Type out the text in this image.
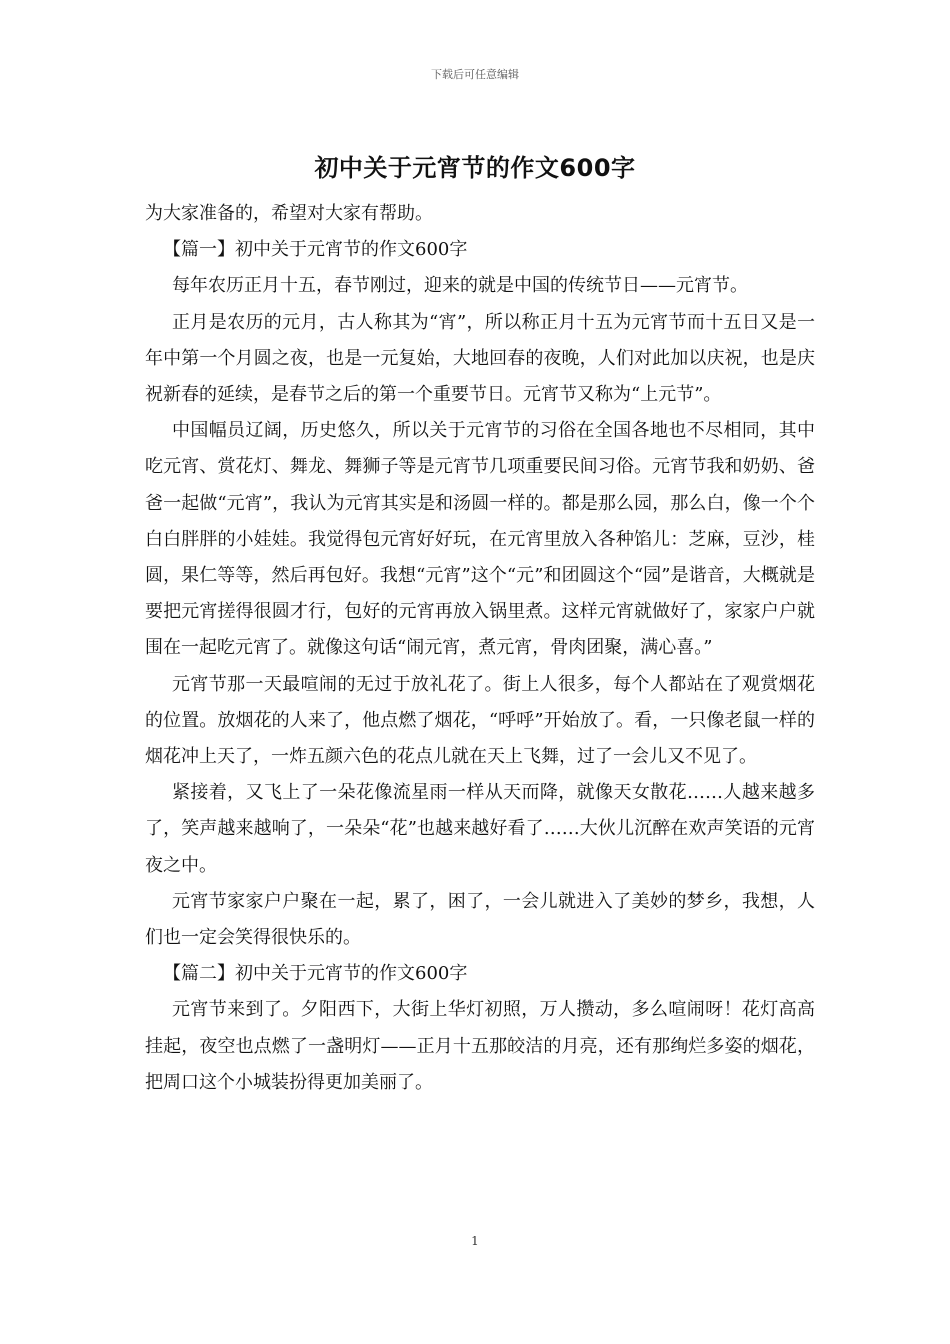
下载后可任意编辑
初中关于元宵节的作文600字

为大家准备的，希望对大家有帮助。

【篇一】初中关于元宵节的作文600字

每年农历正月十五，春节刚过，迎来的就是中国的传统节日——元宵节。

正月是农历的元月，古人称其为“宵”，所以称正月十五为元宵节而十五日又是一年中第一个月圆之夜，也是一元复始，大地回春的夜晚，人们对此加以庆祝，也是庆祝新春的延续，是春节之后的第一个重要节日。元宵节又称为“上元节”。

中国幅员辽阔，历史悠久，所以关于元宵节的习俗在全国各地也不尽相同，其中吃元宵、赏花灯、舞龙、舞狮子等是元宵节几项重要民间习俗。元宵节我和奶奶、爸爸一起做“元宵”，我认为元宵其实是和汤圆一样的。都是那么园，那么白，像一个个白白胖胖的小娃娃。我觉得包元宵好好玩，在元宵里放入各种馅儿：芝麻，豆沙，桂圆，果仁等等，然后再包好。我想“元宵”这个“元”和团圆这个“园”是谐音，大概就是要把元宵搓得很圆才行，包好的元宵再放入锅里煮。这样元宵就做好了，家家户户就围在一起吃元宵了。就像这句话“闹元宵，煮元宵，骨肉团聚，满心喜。”

元宵节那一天最喧闹的无过于放礼花了。街上人很多，每个人都站在了观赏烟花的位置。放烟花的人来了，他点燃了烟花，“呼呼”开始放了。看，一只像老鼠一样的烟花冲上天了，一炸五颜六色的花点儿就在天上飞舞，过了一会儿又不见了。

紧接着，又飞上了一朵花像流星雨一样从天而降，就像天女散花……人越来越多了，笑声越来越响了，一朵朵“花”也越来越好看了……大伙儿沉醉在欢声笑语的元宵夜之中。

元宵节家家户户聚在一起，累了，困了，一会儿就进入了美妙的梦乡，我想，人们也一定会笑得很快乐的。

【篇二】初中关于元宵节的作文600字

元宵节来到了。夕阳西下，大街上华灯初照，万人攒动，多么喧闹呀！花灯高高挂起，夜空也点燃了一盏明灯——正月十五那皎洁的月亮，还有那绚烂多姿的烟花，把周口这个小城装扮得更加美丽了。

1
